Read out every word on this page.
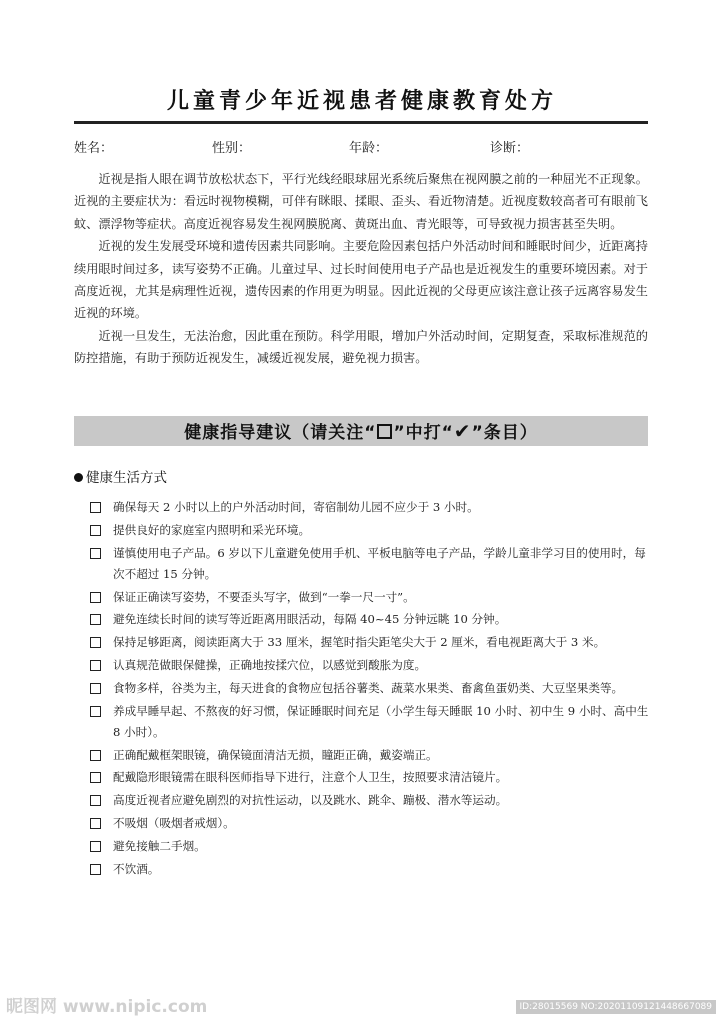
儿童青少年近视患者健康教育处方
姓名：	性别：	年龄：	诊断：

近视是指人眼在调节放松状态下，平行光线经眼球屈光系统后聚焦在视网膜之前的一种屈光不正现象。近视的主要症状为：看远时视物模糊，可伴有眯眼、揉眼、歪头、看近物清楚。近视度数较高者可有眼前飞蚊、漂浮物等症状。高度近视容易发生视网膜脱离、黄斑出血、青光眼等，可导致视力损害甚至失明。

近视的发生发展受环境和遗传因素共同影响。主要危险因素包括户外活动时间和睡眠时间少，近距离持续用眼时间过多，读写姿势不正确。儿童过早、过长时间使用电子产品也是近视发生的重要环境因素。对于高度近视，尤其是病理性近视，遗传因素的作用更为明显。因此近视的父母更应该注意让孩子远离容易发生近视的环境。

近视一旦发生，无法治愈，因此重在预防。科学用眼，增加户外活动时间，定期复查，采取标准规范的防控措施，有助于预防近视发生，减缓近视发展，避免视力损害。

健康指导建议（请关注“ ”中打“✔”条目）
健康生活方式
确保每天 2 小时以上的户外活动时间，寄宿制幼儿园不应少于 3 小时。
提供良好的家庭室内照明和采光环境。
谨慎使用电子产品。6 岁以下儿童避免使用手机、平板电脑等电子产品，学龄儿童非学习目的使用时，每次不超过 15 分钟。
保证正确读写姿势，不要歪头写字，做到“一拳一尺一寸”。
避免连续长时间的读写等近距离用眼活动，每隔 40~45 分钟远眺 10 分钟。
保持足够距离，阅读距离大于 33 厘米，握笔时指尖距笔尖大于 2 厘米，看电视距离大于 3 米。
认真规范做眼保健操，正确地按揉穴位，以感觉到酸胀为度。
食物多样，谷类为主，每天进食的食物应包括谷薯类、蔬菜水果类、畜禽鱼蛋奶类、大豆坚果类等。
养成早睡早起、不熬夜的好习惯，保证睡眠时间充足（小学生每天睡眠 10 小时、初中生 9 小时、高中生 8 小时）。
正确配戴框架眼镜，确保镜面清洁无损，瞳距正确，戴姿端正。
配戴隐形眼镜需在眼科医师指导下进行，注意个人卫生，按照要求清洁镜片。
高度近视者应避免剧烈的对抗性运动，以及跳水、跳伞、蹦极、潜水等运动。
不吸烟（吸烟者戒烟）。
避免接触二手烟。
不饮酒。
昵图网 www.nipic.com	ID:28015569 NO:20201109121448667089
